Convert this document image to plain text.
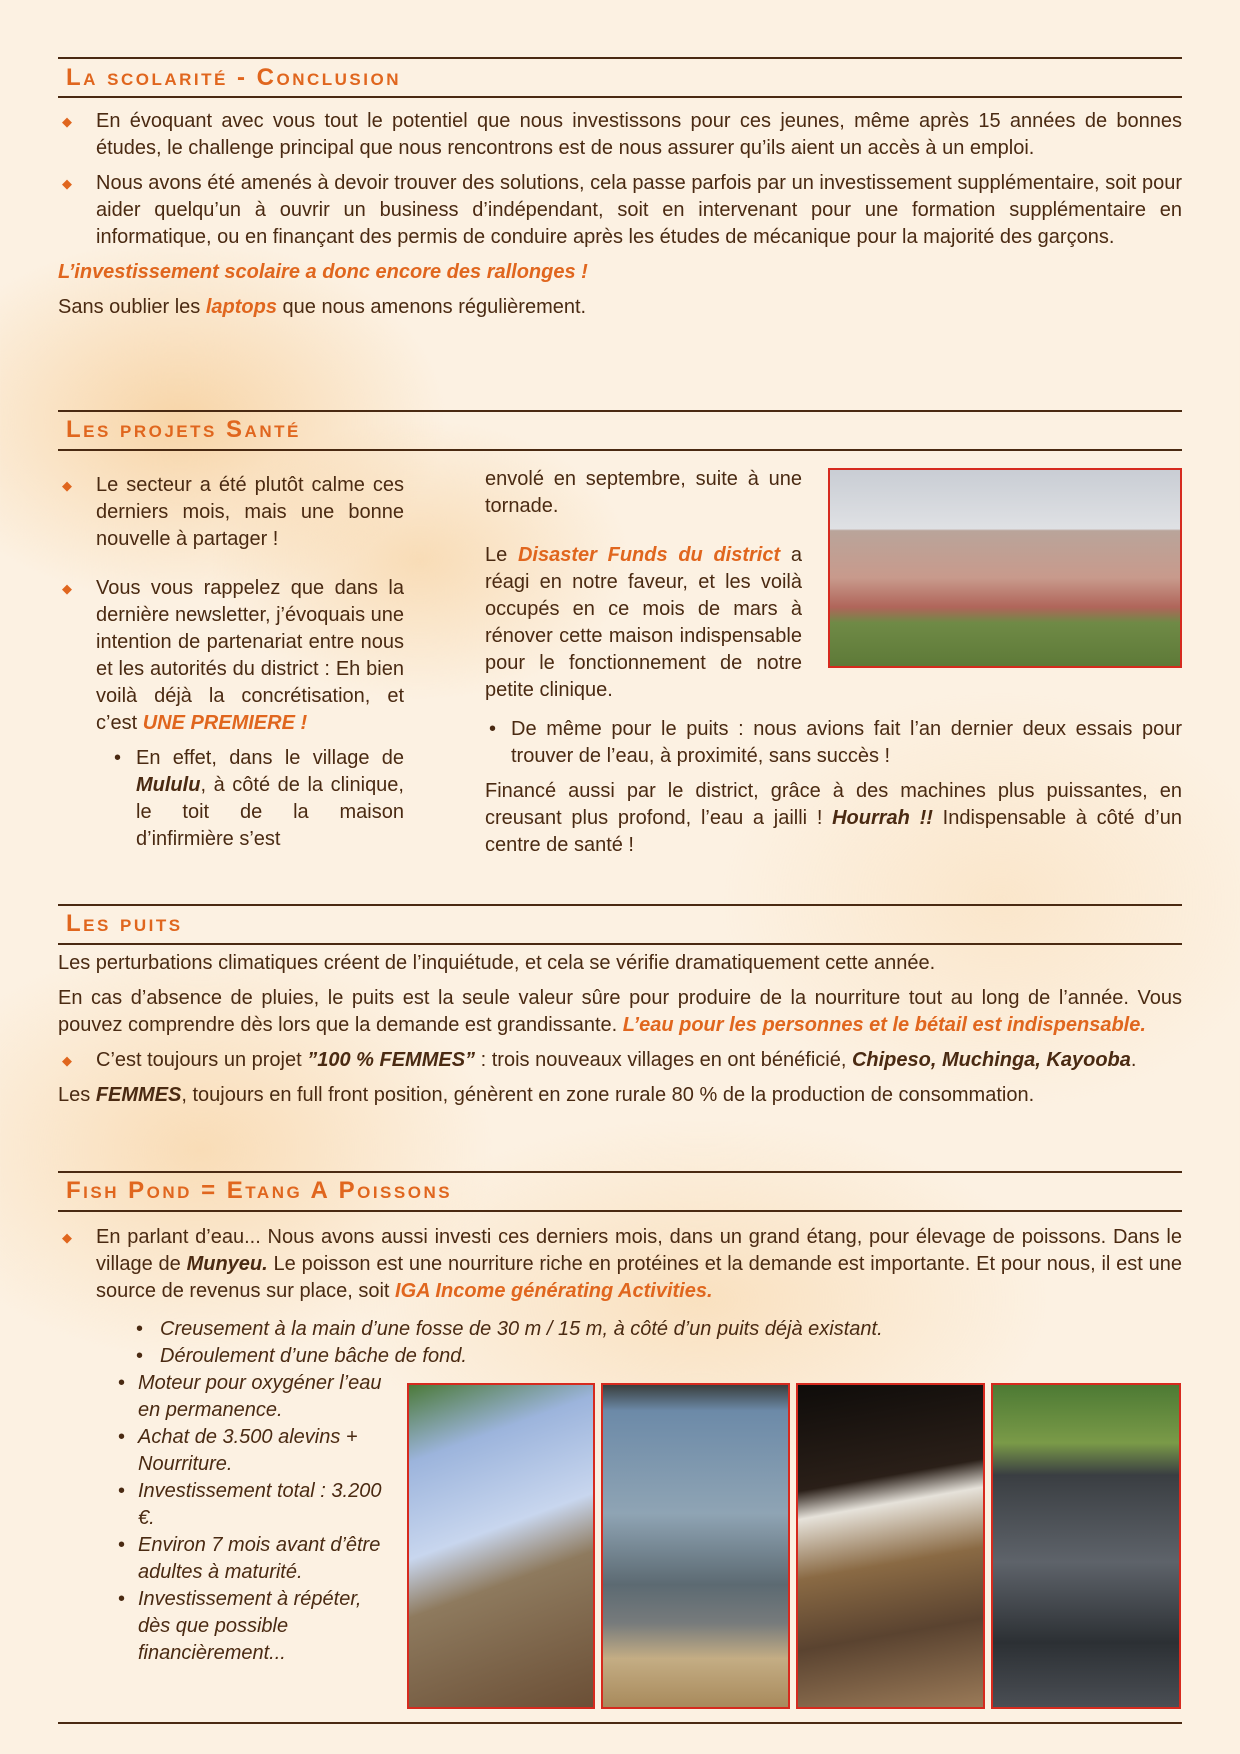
La scolarité - Conclusion

◆ En évoquant avec vous tout le potentiel que nous investissons pour ces jeunes, même après 15 années de bonnes études, le challenge principal que nous rencontrons est de nous assurer qu’ils aient un accès à un emploi.

◆ Nous avons été amenés à devoir trouver des solutions, cela passe parfois par un investissement supplémentaire, soit pour aider quelqu’un à ouvrir un business d’indépendant, soit en intervenant pour une formation supplémentaire en informatique, ou en finançant des permis de conduire après les études de mécanique pour la majorité des garçons.

L’investissement scolaire a donc encore des rallonges !

Sans oublier les laptops que nous amenons régulièrement.

Les projets Santé

◆ Le secteur a été plutôt calme ces derniers mois, mais une bonne nouvelle à partager !

◆ Vous vous rappelez que dans la dernière newsletter, j’évoquais une intention de partenariat entre nous et les autorités du district : Eh bien voilà déjà la concrétisation, et c’est UNE PREMIERE !

• En effet, dans le village de Mululu, à côté de la clinique, le toit de la maison d’infirmière s’est

envolé en septembre, suite à une tornade.

Le Disaster Funds du district a réagi en notre faveur, et les voilà occupés en ce mois de mars à rénover cette maison indispensable pour le fonctionnement de notre petite clinique.

• De même pour le puits : nous avions fait l’an dernier deux essais pour trouver de l’eau, à proximité, sans succès !

Financé aussi par le district, grâce à des machines plus puissantes, en creusant plus profond, l’eau a jailli ! Hourrah !! Indispensable à côté d’un centre de santé !

Les puits

Les perturbations climatiques créent de l’inquiétude, et cela se vérifie dramatiquement cette année.

En cas d’absence de pluies, le puits est la seule valeur sûre pour produire de la nourriture tout au long de l’année. Vous pouvez comprendre dès lors que la demande est grandissante. L’eau pour les personnes et le bétail est indispensable.

◆ C’est toujours un projet ”100 % FEMMES” : trois nouveaux villages en ont bénéficié, Chipeso, Muchinga, Kayooba.

Les FEMMES, toujours en full front position, génèrent en zone rurale 80 % de la production de consommation.

Fish Pond = Etang A Poissons

◆ En parlant d’eau... Nous avons aussi investi ces derniers mois, dans un grand étang, pour élevage de poissons. Dans le village de Munyeu. Le poisson est une nourriture riche en protéines et la demande est importante. Et pour nous, il est une source de revenus sur place, soit IGA Income générating Activities.

• Creusement à la main d’une fosse de 30 m / 15 m, à côté d’un puits déjà existant.
• Déroulement d’une bâche de fond.
• Moteur pour oxygéner l’eau en permanence.
• Achat de 3.500 alevins + Nourriture.
• Investissement total : 3.200 €.
• Environ 7 mois avant d’être adultes à maturité.
• Investissement à répéter, dès que possible financièrement...
